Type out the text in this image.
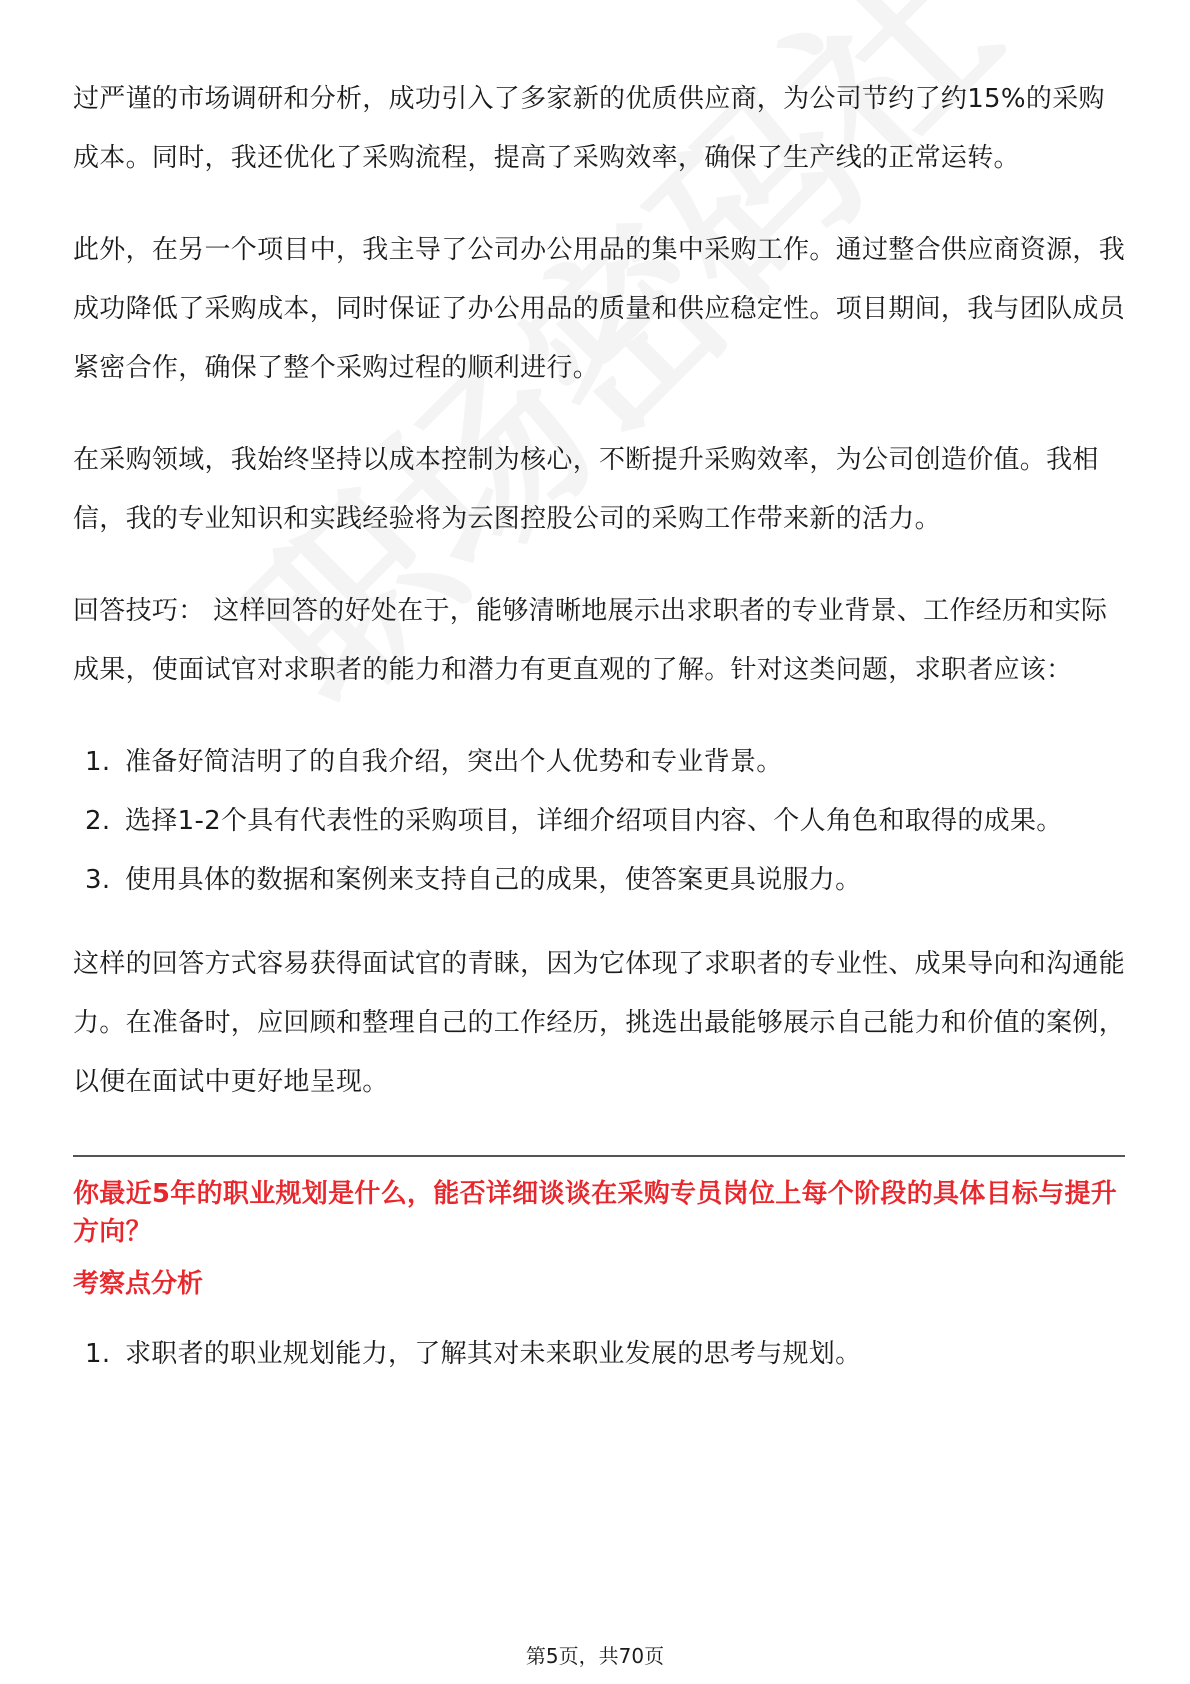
过严谨的市场调研和分析，成功引入了多家新的优质供应商，为公司节约了约15%的采购成本。同时，我还优化了采购流程，提高了采购效率，确保了生产线的正常运转。

此外，在另一个项目中，我主导了公司办公用品的集中采购工作。通过整合供应商资源，我成功降低了采购成本，同时保证了办公用品的质量和供应稳定性。项目期间，我与团队成员紧密合作，确保了整个采购过程的顺利进行。

在采购领域，我始终坚持以成本控制为核心，不断提升采购效率，为公司创造价值。我相信，我的专业知识和实践经验将为云图控股公司的采购工作带来新的活力。

回答技巧： 这样回答的好处在于，能够清晰地展示出求职者的专业背景、工作经历和实际成果，使面试官对求职者的能力和潜力有更直观的了解。针对这类问题，求职者应该：

1. 准备好简洁明了的自我介绍，突出个人优势和专业背景。
2. 选择1-2个具有代表性的采购项目，详细介绍项目内容、个人角色和取得的成果。
3. 使用具体的数据和案例来支持自己的成果，使答案更具说服力。

这样的回答方式容易获得面试官的青睐，因为它体现了求职者的专业性、成果导向和沟通能力。在准备时，应回顾和整理自己的工作经历，挑选出最能够展示自己能力和价值的案例，以便在面试中更好地呈现。

你最近5年的职业规划是什么，能否详细谈谈在采购专员岗位上每个阶段的具体目标与提升方向？
考察点分析
1. 求职者的职业规划能力，了解其对未来职业发展的思考与规划。
第5页，共70页
